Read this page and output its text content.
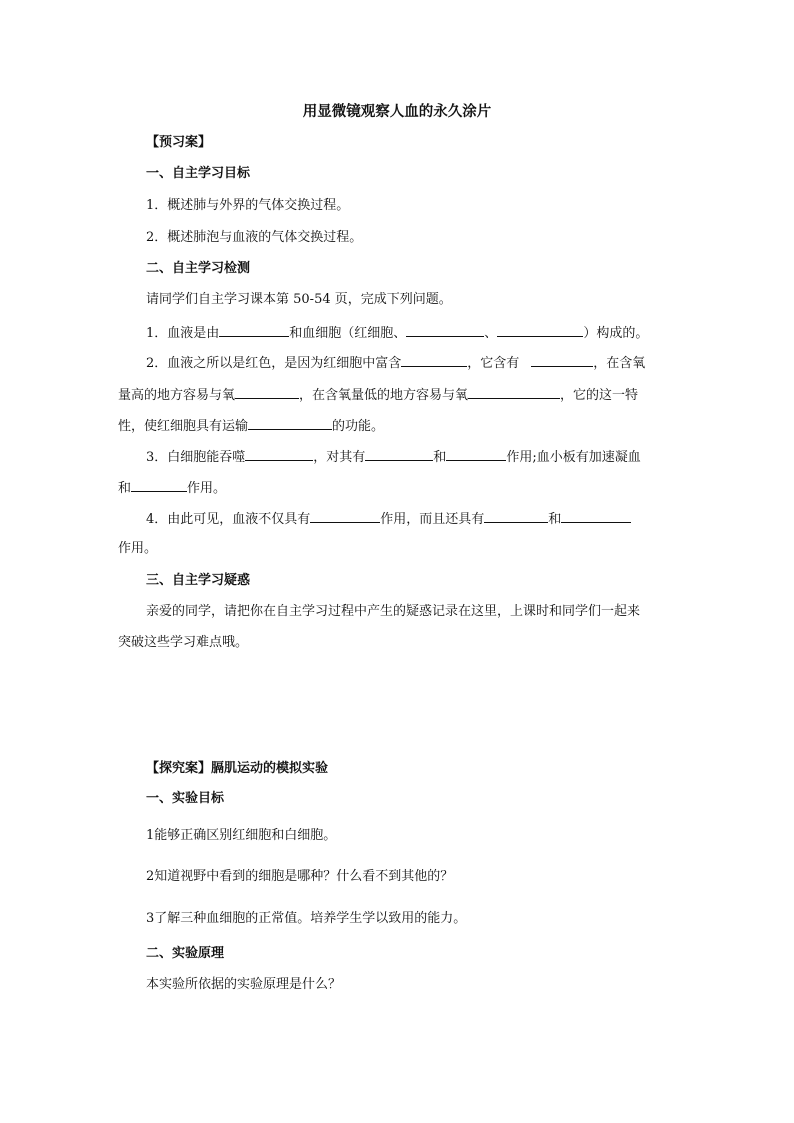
用显微镜观察人血的永久涂片
【预习案】
一、自主学习目标
1．概述肺与外界的气体交换过程。
2．概述肺泡与血液的气体交换过程。
二、自主学习检测
请同学们自主学习课本第 50-54 页，完成下列问题。
1．血液是由	和血细胞（红细胞、	、	）构成的。
2．血液之所以是红色，是因为红细胞中富含	，它含有	，在含氧
量高的地方容易与氧	，在含氧量低的地方容易与氧	，它的这一特
性，使红细胞具有运输	的功能。
3．白细胞能吞噬	，对其有	和	作用;血小板有加速凝血
和	作用。
4．由此可见，血液不仅具有	作用，而且还具有	和
作用。
三、自主学习疑惑
亲爱的同学，请把你在自主学习过程中产生的疑惑记录在这里，上课时和同学们一起来
突破这些学习难点哦。
【探究案】膈肌运动的模拟实验
一、实验目标
1能够正确区别红细胞和白细胞。
2知道视野中看到的细胞是哪种？什么看不到其他的？
3了解三种血细胞的正常值。培养学生学以致用的能力。
二、实验原理
本实验所依据的实验原理是什么？
